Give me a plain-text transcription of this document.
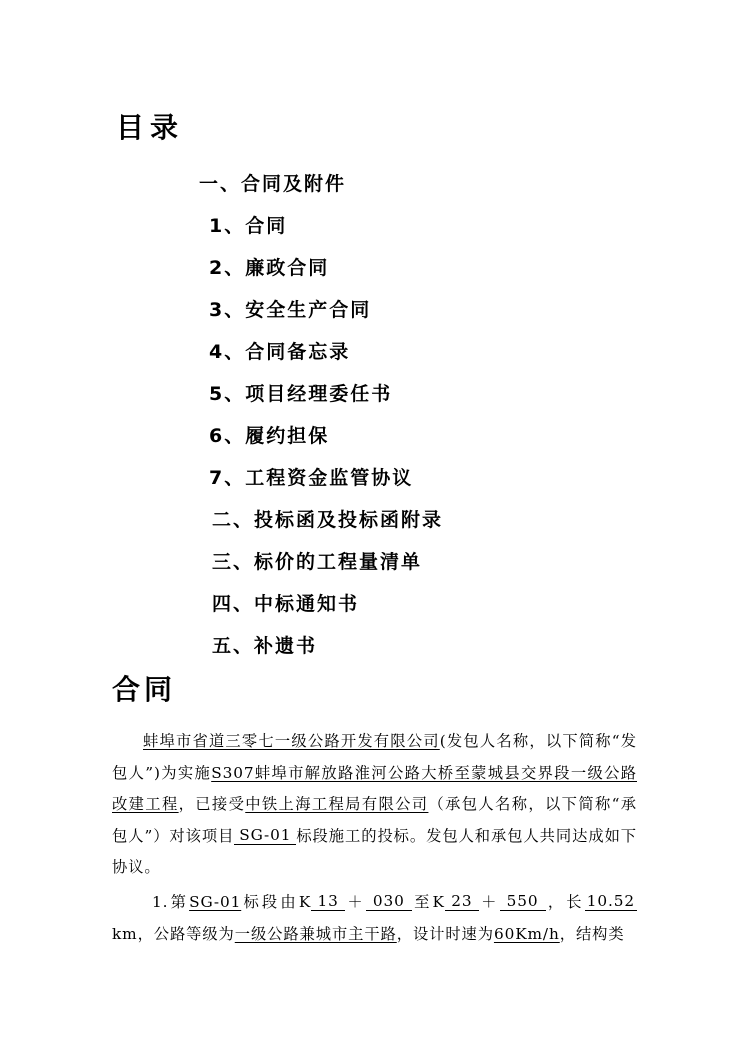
目录
一、合同及附件
1、合同
2、廉政合同
3、安全生产合同
4、合同备忘录
5、项目经理委任书
6、履约担保
7、工程资金监管协议
二、投标函及投标函附录
三、标价的工程量清单
四、中标通知书
五、补遗书
合同

蚌埠市省道三零七一级公路开发有限公司(发包人名称，以下简称“发包人”)为实施S307蚌埠市解放路淮河公路大桥至蒙城县交界段一级公路改建工程，已接受中铁上海工程局有限公司（承包人名称，以下简称“承包人”）对该项目 SG-01 标段施工的投标。发包人和承包人共同达成如下协议。

1.第SG-01标段由K 13 ＋ 030 至K 23 ＋ 550 ，长 10.52km，公路等级为一级公路兼城市主干路，设计时速为60Km/h，结构类
